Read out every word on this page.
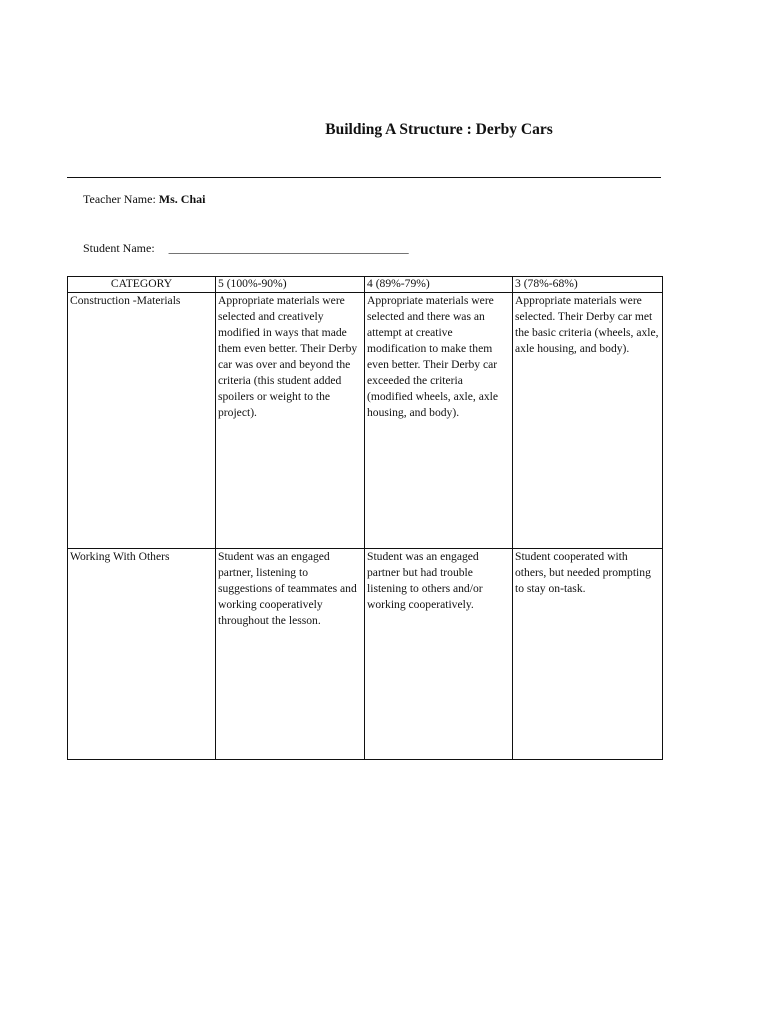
Building A Structure : Derby Cars
Teacher Name: Ms. Chai
Student Name: ________________________________________
CATEGORY	5 (100%-90%)	4 (89%-79%)	3 (78%-68%)
Construction -Materials	Appropriate materials were selected and creatively modified in ways that made them even better. Their Derby car was over and beyond the criteria (this student added spoilers or weight to the project).	Appropriate materials were selected and there was an attempt at creative modification to make them even better. Their Derby car exceeded the criteria (modified wheels, axle, axle housing, and body).	Appropriate materials were selected. Their Derby car met the basic criteria (wheels, axle, axle housing, and body).
Working With Others	Student was an engaged partner, listening to suggestions of teammates and working cooperatively throughout the lesson.	Student was an engaged partner but had trouble listening to others and/or working cooperatively.	Student cooperated with others, but needed prompting to stay on-task.
